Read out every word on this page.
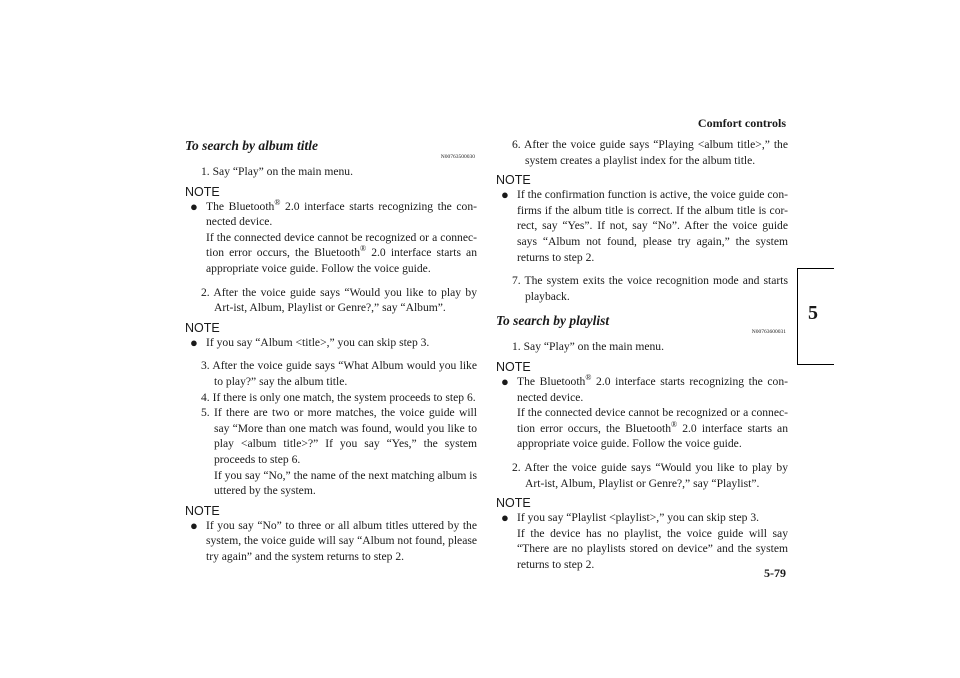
Comfort controls
5-79
5
To search by album title
N00763500030

1. Say “Play” on the main menu.

NOTE
● The Bluetooth® 2.0 interface starts recognizing the con-nected device.
If the connected device cannot be recognized or a connec-tion error occurs, the Bluetooth® 2.0 interface starts an appropriate voice guide. Follow the voice guide.

2. After the voice guide says “Would you like to play by Art-ist, Album, Playlist or Genre?,” say “Album”.

NOTE
● If you say “Album <title>,” you can skip step 3.

3. After the voice guide says “What Album would you like to play?” say the album title.

4. If there is only one match, the system proceeds to step 6.

5. If there are two or more matches, the voice guide will say “More than one match was found, would you like to play <album title>?” If you say “Yes,” the system proceeds to step 6.
If you say “No,” the name of the next matching album is uttered by the system.

NOTE
● If you say “No” to three or all album titles uttered by the system, the voice guide will say “Album not found, please try again” and the system returns to step 2.

6. After the voice guide says “Playing <album title>,” the system creates a playlist index for the album title.

NOTE
● If the confirmation function is active, the voice guide con-firms if the album title is correct. If the album title is cor-rect, say “Yes”. If not, say “No”. After the voice guide says “Album not found, please try again,” the system returns to step 2.

7. The system exits the voice recognition mode and starts playback.

To search by playlist
N00763600031

1. Say “Play” on the main menu.

NOTE
● The Bluetooth® 2.0 interface starts recognizing the con-nected device.
If the connected device cannot be recognized or a connec-tion error occurs, the Bluetooth® 2.0 interface starts an appropriate voice guide. Follow the voice guide.

2. After the voice guide says “Would you like to play by Art-ist, Album, Playlist or Genre?,” say “Playlist”.

NOTE
● If you say “Playlist <playlist>,” you can skip step 3.
If the device has no playlist, the voice guide will say “There are no playlists stored on device” and the system returns to step 2.
